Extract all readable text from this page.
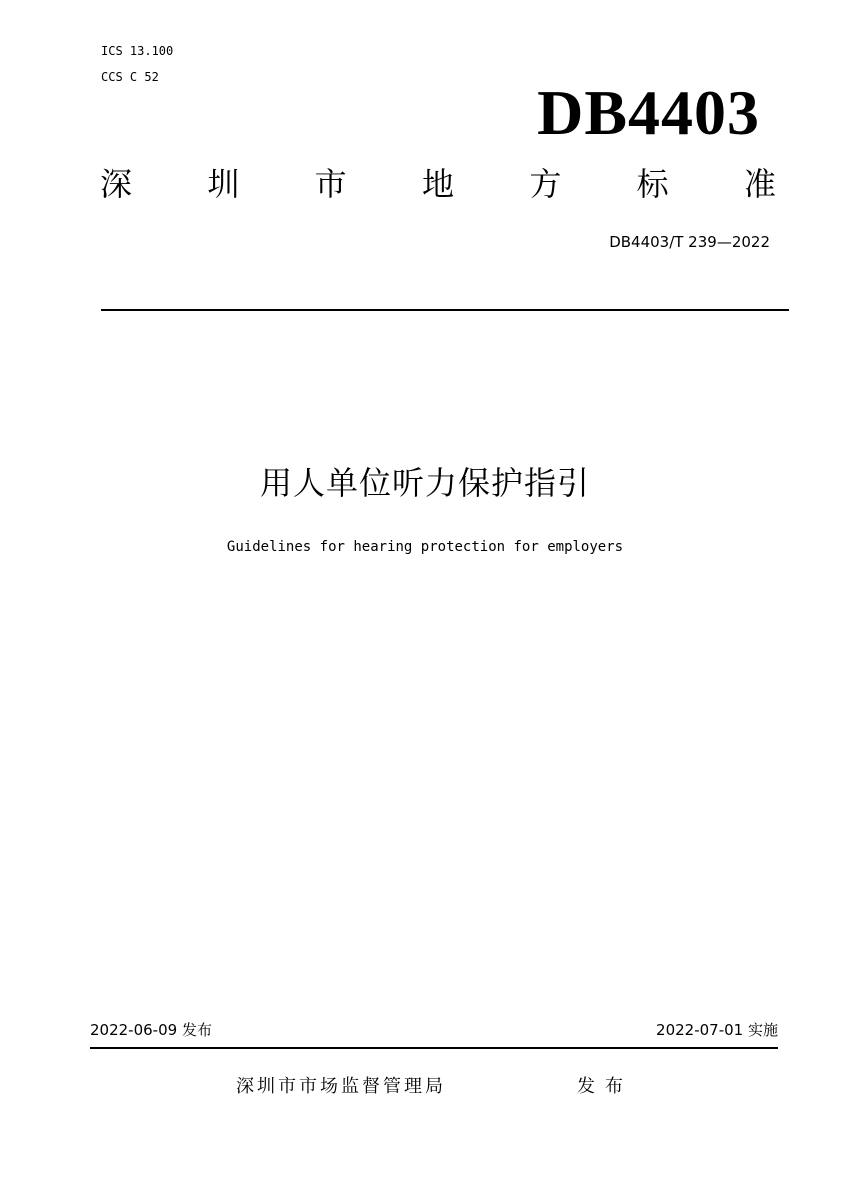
ICS 13.100
CCS C 52	DB4403
深 圳 市 地 方 标 准
DB4403/T 239—2022
用人单位听力保护指引
Guidelines for hearing protection for employers
2022-06-09 发布	2022-07-01 实施
深圳市市场监督管理局	发布
